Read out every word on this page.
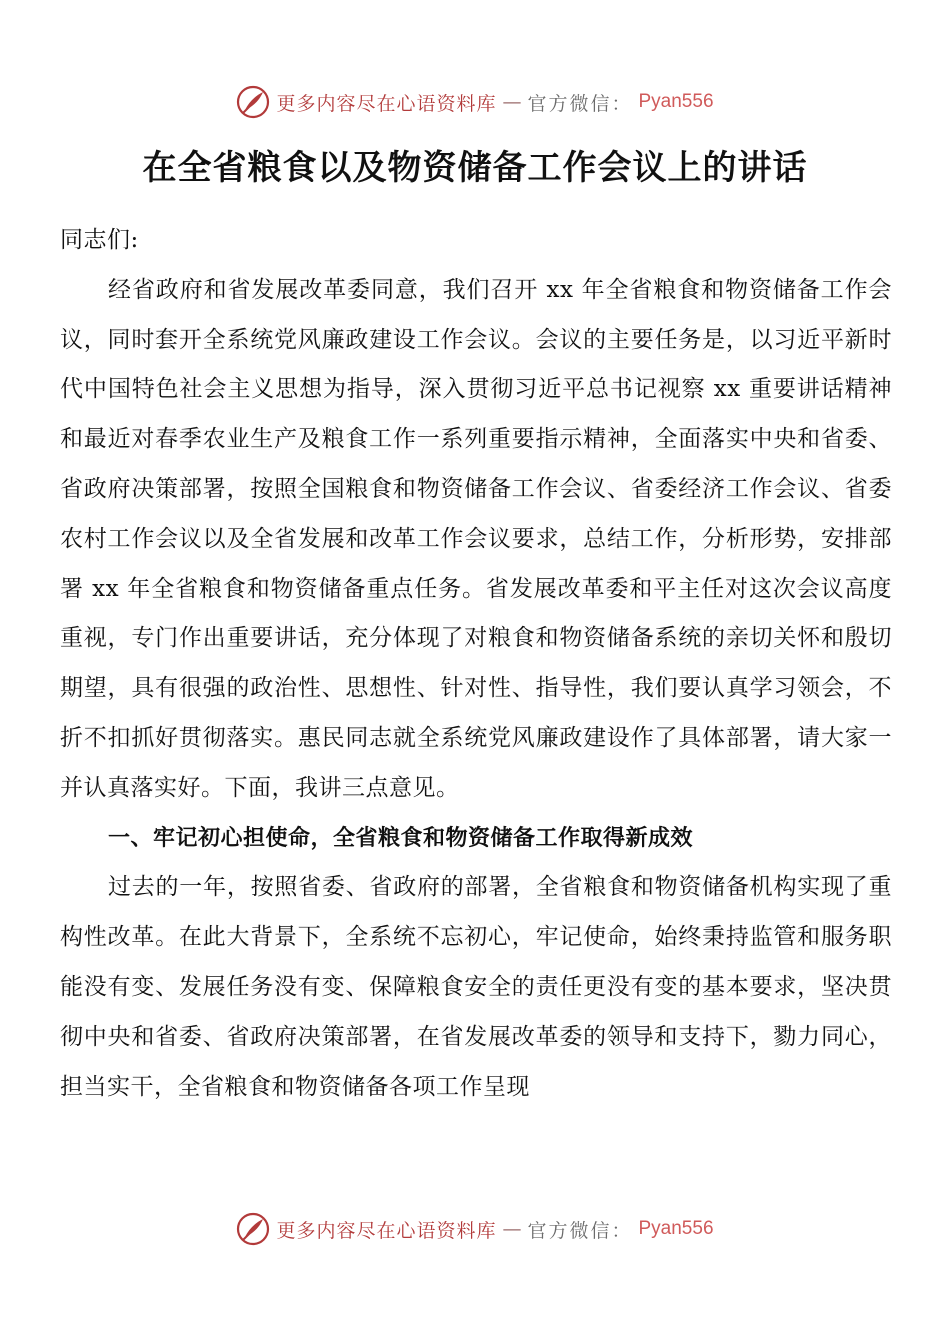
更多内容尽在心语资料库 — 官方微信： Pyan556
在全省粮食以及物资储备工作会议上的讲话

同志们:

经省政府和省发展改革委同意，我们召开 xx 年全省粮食和物资储备工作会议，同时套开全系统党风廉政建设工作会议。会议的主要任务是，以习近平新时代中国特色社会主义思想为指导，深入贯彻习近平总书记视察 xx 重要讲话精神和最近对春季农业生产及粮食工作一系列重要指示精神，全面落实中央和省委、省政府决策部署，按照全国粮食和物资储备工作会议、省委经济工作会议、省委农村工作会议以及全省发展和改革工作会议要求，总结工作，分析形势，安排部署 xx 年全省粮食和物资储备重点任务。省发展改革委和平主任对这次会议高度重视，专门作出重要讲话，充分体现了对粮食和物资储备系统的亲切关怀和殷切期望，具有很强的政治性、思想性、针对性、指导性，我们要认真学习领会，不折不扣抓好贯彻落实。惠民同志就全系统党风廉政建设作了具体部署，请大家一并认真落实好。下面，我讲三点意见。

一、牢记初心担使命，全省粮食和物资储备工作取得新成效

过去的一年，按照省委、省政府的部署，全省粮食和物资储备机构实现了重构性改革。在此大背景下，全系统不忘初心，牢记使命，始终秉持监管和服务职能没有变、发展任务没有变、保障粮食安全的责任更没有变的基本要求，坚决贯彻中央和省委、省政府决策部署，在省发展改革委的领导和支持下，勠力同心，担当实干，全省粮食和物资储备各项工作呈现

更多内容尽在心语资料库 — 官方微信： Pyan556
